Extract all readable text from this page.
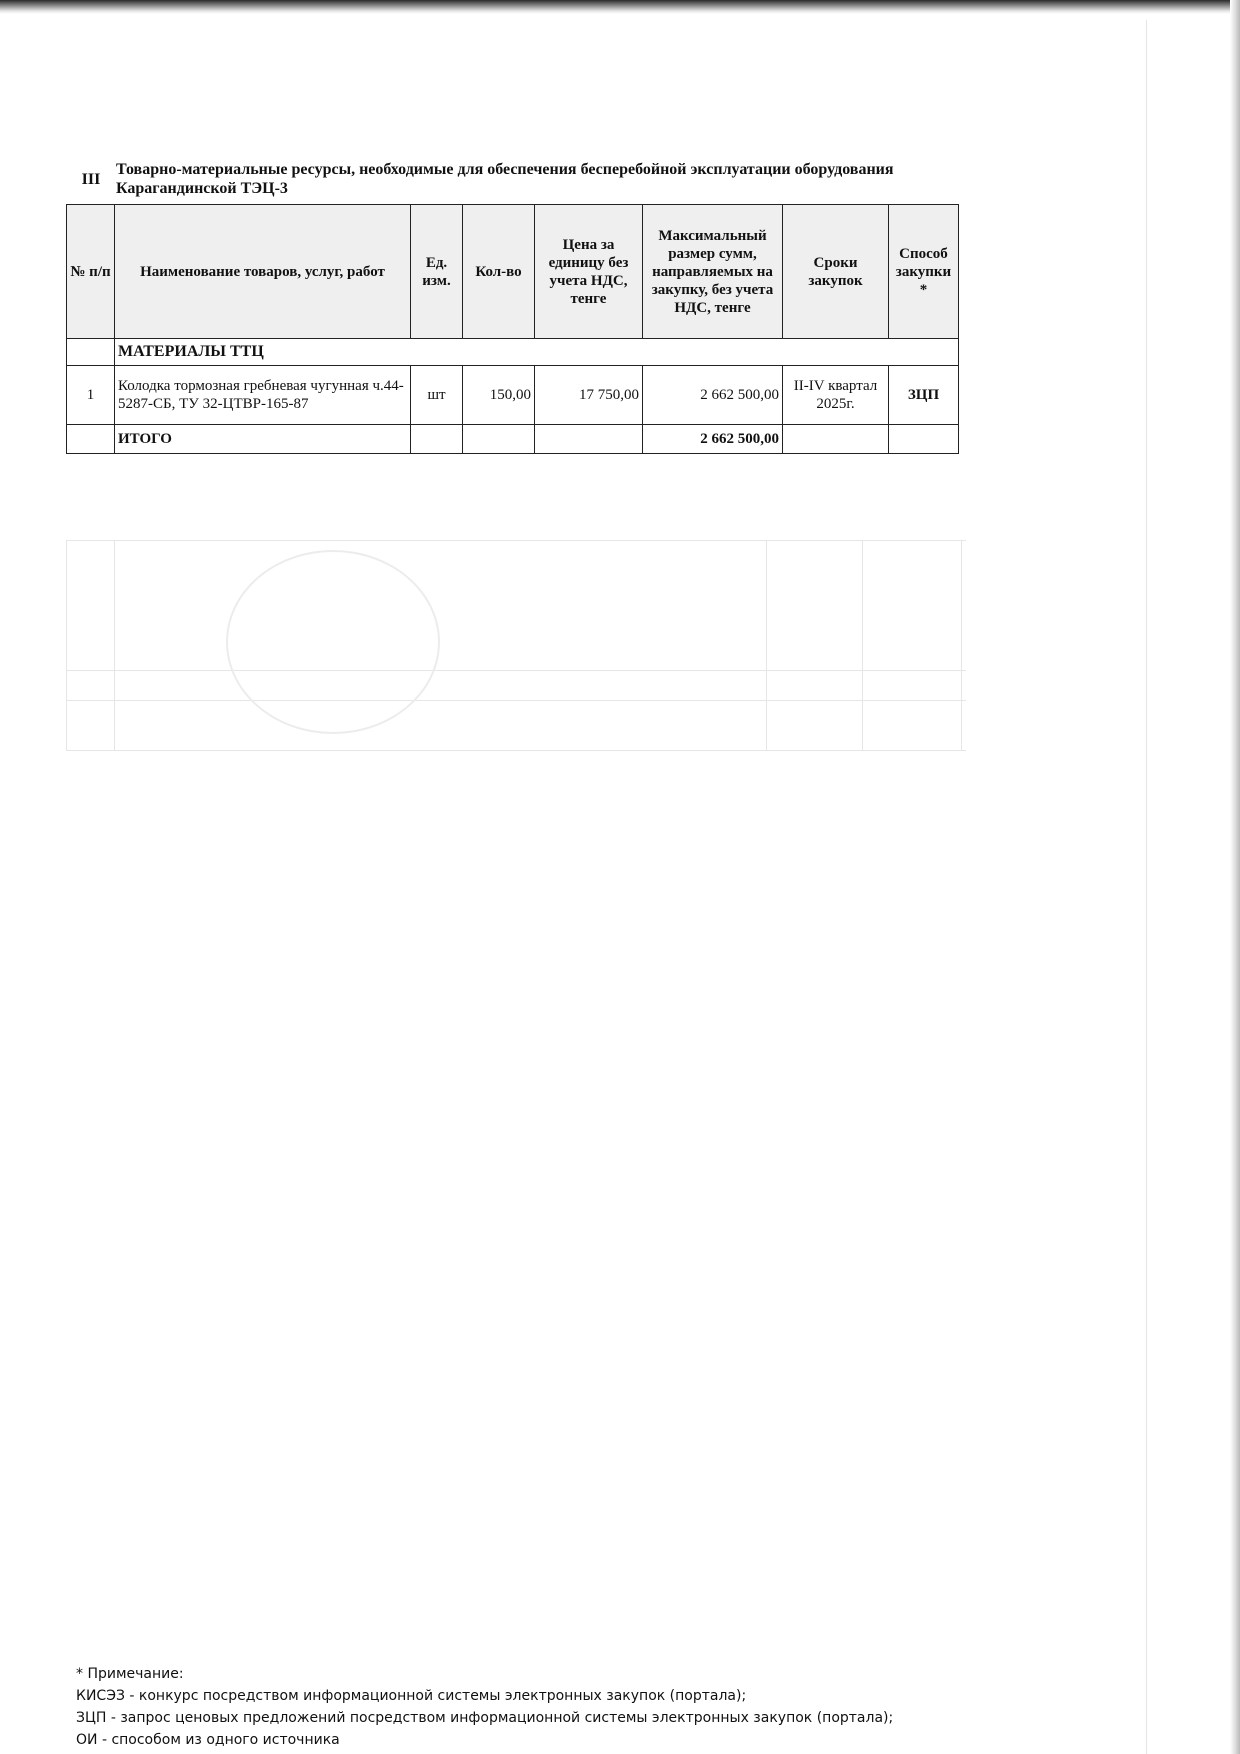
III
Товарно-материальные ресурсы, необходимые для обеспечения бесперебойной эксплуатации оборудования Карагандинской ТЭЦ-3
№ п/п	Наименование товаров, услуг, работ	Ед. изм.	Кол-во	Цена за единицу без учета НДС, тенге	Максимальный размер сумм, направляемых на закупку, без учета НДС, тенге	Сроки закупок	Способ закупки *
	МАТЕРИАЛЫ ТТЦ						
1	Колодка тормозная гребневая чугунная ч.44-5287-СБ, ТУ 32-ЦТВР-165-87	шт	150,00	17 750,00	2 662 500,00	II-IV квартал 2025г.	ЗЦП
	ИТОГО				2 662 500,00		
* Примечание:
КИСЭЗ - конкурс посредством информационной системы электронных закупок (портала);
ЗЦП - запрос ценовых предложений посредством информационной системы электронных закупок (портала);
ОИ - способом из одного источника
